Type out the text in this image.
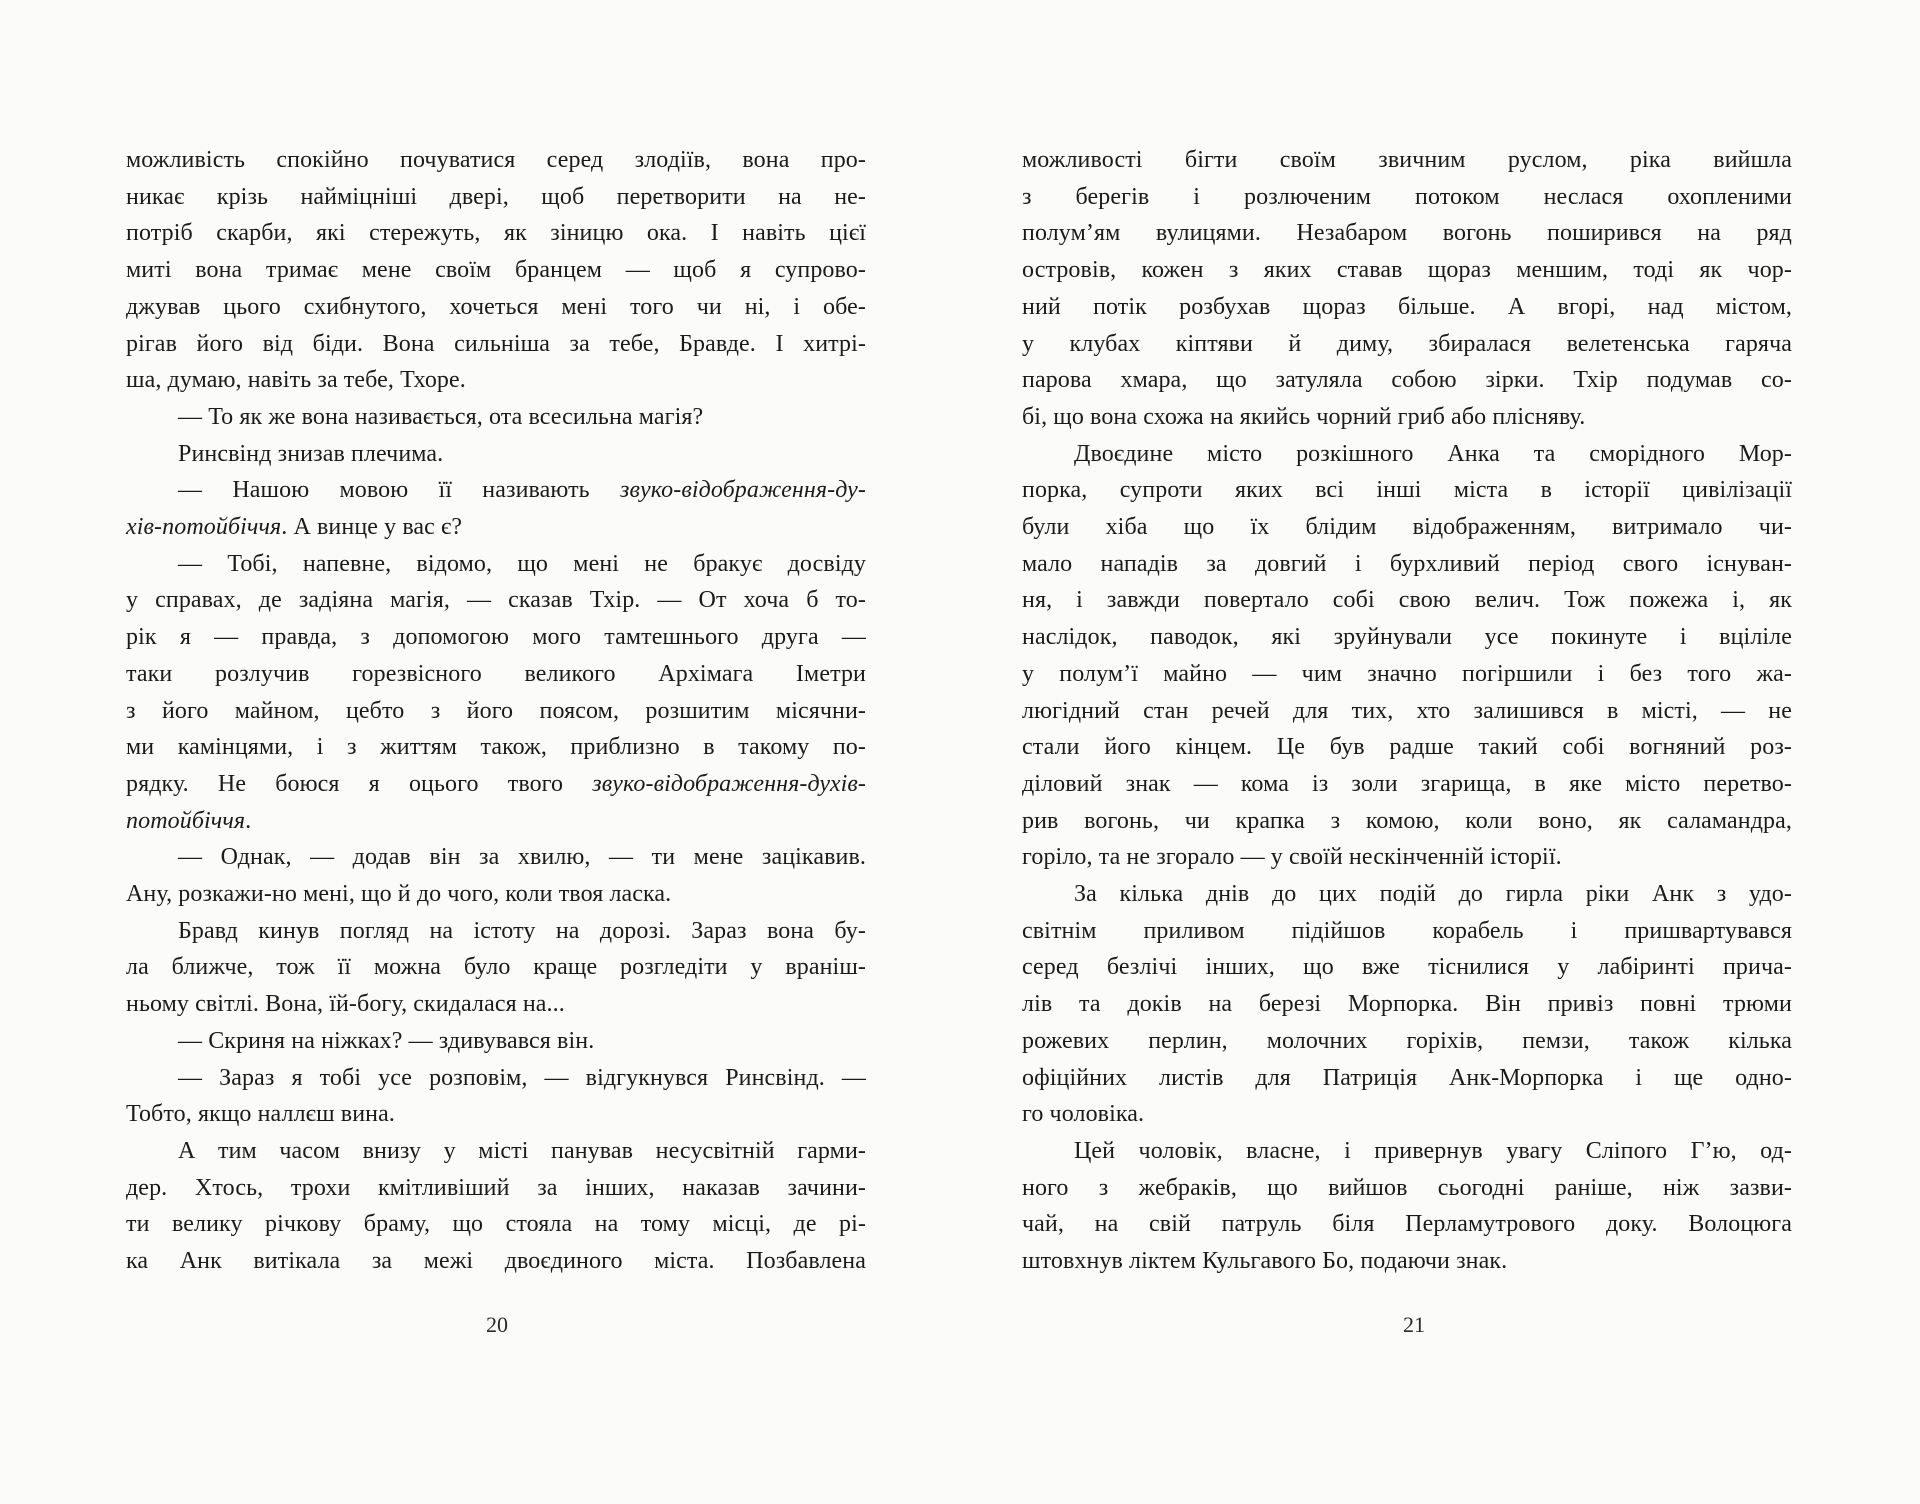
можливість спокійно почуватися серед злодіїв, вона про-
никає крізь найміцніші двері, щоб перетворити на не-
потріб скарби, які стережуть, як зіницю ока. І навіть цієї
миті вона тримає мене своїм бранцем — щоб я супрово-
джував цього схибнутого, хочеться мені того чи ні, і обе-
рігав його від біди. Вона сильніша за тебе, Бравде. І хитрі-
ша, думаю, навіть за тебе, Тхоре.
— То як же вона називається, ота всесильна магія?
Ринсвінд знизав плечима.
— Нашою мовою її називають звуко-відображення-ду-
хів-потойбіччя. А винце у вас є?
— Тобі, напевне, відомо, що мені не бракує досвіду
у справах, де задіяна магія, — сказав Тхір. — От хоча б то-
рік я — правда, з допомогою мого тамтешнього друга —
таки розлучив горезвісного великого Архімага Іметри
з його майном, цебто з його поясом, розшитим місячни-
ми камінцями, і з життям також, приблизно в такому по-
рядку. Не боюся я оцього твого звуко-відображення-духів-
потойбіччя.
— Однак, — додав він за хвилю, — ти мене зацікавив.
Ану, розкажи-но мені, що й до чого, коли твоя ласка.
Бравд кинув погляд на істоту на дорозі. Зараз вона бу-
ла ближче, тож її можна було краще розгледіти у враніш-
ньому світлі. Вона, їй-богу, скидалася на...
— Скриня на ніжках? — здивувався він.
— Зараз я тобі усе розповім, — відгукнувся Ринсвінд. —
Тобто, якщо наллєш вина.
А тим часом внизу у місті панував несусвітній гарми-
дер. Хтось, трохи кмітливіший за інших, наказав зачини-
ти велику річкову браму, що стояла на тому місці, де рі-
ка Анк витікала за межі двоєдиного міста. Позбавлена
20
можливості бігти своїм звичним руслом, ріка вийшла
з берегів і розлюченим потоком неслася охопленими
полум’ям вулицями. Незабаром вогонь поширився на ряд
островів, кожен з яких ставав щораз меншим, тоді як чор-
ний потік розбухав щораз більше. А вгорі, над містом,
у клубах кіптяви й диму, збиралася велетенська гаряча
парова хмара, що затуляла собою зірки. Тхір подумав со-
бі, що вона схожа на якийсь чорний гриб або плісняву.
Двоєдине місто розкішного Анка та сморідного Мор-
порка, супроти яких всі інші міста в історії цивілізації
були хіба що їх блідим відображенням, витримало чи-
мало нападів за довгий і бурхливий період свого існуван-
ня, і завжди повертало собі свою велич. Тож пожежа і, як
наслідок, паводок, які зруйнували усе покинуте і вціліле
у полум’ї майно — чим значно погіршили і без того жа-
люгідний стан речей для тих, хто залишився в місті, — не
стали його кінцем. Це був радше такий собі вогняний роз-
діловий знак — кома із золи згарища, в яке місто перетво-
рив вогонь, чи крапка з комою, коли воно, як саламандра,
горіло, та не згорало — у своїй нескінченній історії.
За кілька днів до цих подій до гирла ріки Анк з удо-
світнім приливом підійшов корабель і пришвартувався
серед безлічі інших, що вже тіснилися у лабіринті прича-
лів та доків на березі Морпорка. Він привіз повні трюми
рожевих перлин, молочних горіхів, пемзи, також кілька
офіційних листів для Патриція Анк-Морпорка і ще одно-
го чоловіка.
Цей чоловік, власне, і привернув увагу Сліпого Г’ю, од-
ного з жебраків, що вийшов сьогодні раніше, ніж зазви-
чай, на свій патруль біля Перламутрового доку. Волоцюга
штовхнув ліктем Кульгавого Бо, подаючи знак.
21
